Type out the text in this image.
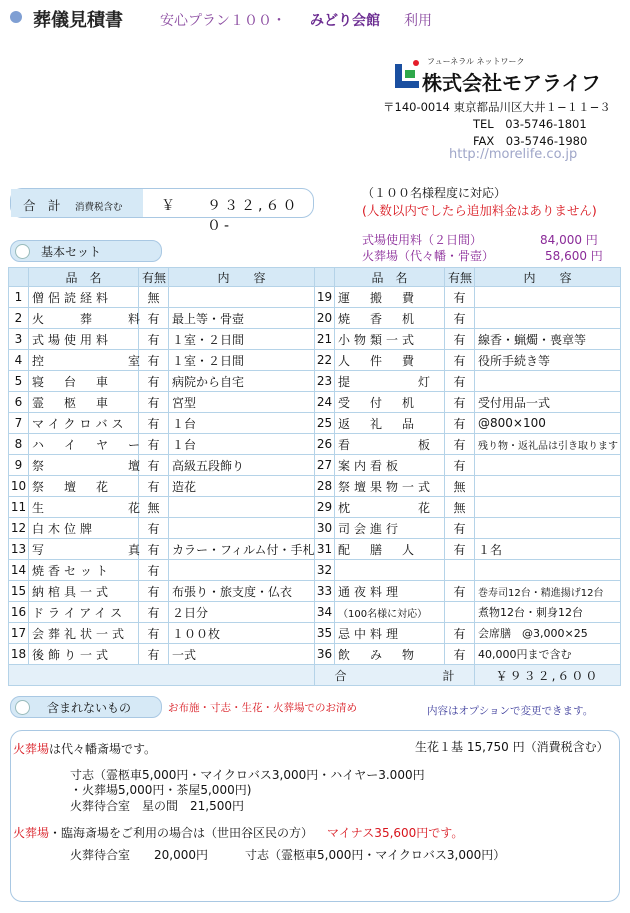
葬儀見積書	安心プラン１００・ みどり会館 利用
フューネラル ネットワーク
株式会社モアライフ
〒140-0014 東京都品川区大井１−１１−３
TEL　03-5746-1801
FAX　03-5746-1980
http://morelife.co.jp
合　計 消費税含む	￥ ９３２,６００-
（１００名様程度に対応）
(人数以内でしたら追加料金はありません)
基本セット
式場使用料（２日間）	84,000 円
火葬場（代々幡・骨壺）	58,600 円
	品　名	有無	内　　容		品　名	有無	内　　容
1	僧侶読経料	無		19	運　搬　費	有	
2	火　　葬　　料	有	最上等・骨壺	20	焼　香　机	有	
3	式場使用料	有	１室・２日間	21	小物類一式	有	線香・蝋燭・喪章等
4	控　　　　　室	有	１室・２日間	22	人　件　費	有	役所手続き等
5	寝　台　車	有	病院から自宅	23	提　　　　灯	有	
6	霊　柩　車	有	宮型	24	受　付　机	有	受付用品一式
7	マイクロバス	有	１台	25	返　礼　品	有	@800×100
8	ハ　イ　ヤ　ー	有	１台	26	看　　　　板	有	残り物・返礼品は引き取ります
9	祭　　　　　壇	有	高級五段飾り	27	案内看板	有	
10	祭　壇　花	有	造花	28	祭壇果物一式	無	
11	生　　　　　花	無		29	枕　　　　花	無	
12	白木位牌	有		30	司会進行	有	
13	写　　　　　真	有	カラー・フィルム付・手札	31	配　膳　人	有	１名
14	焼香セット	有		32			
15	納棺具一式	有	布張り・旅支度・仏衣	33	通夜料理	有	巻寿司12台・精進揚げ12台
16	ドライアイス	有	２日分	34	（100名様に対応）		煮物12台・刺身12台
17	会葬礼状一式	有	１００枚	35	忌中料理	有	会席膳　@3,000×25
18	後飾り一式	有	一式	36	飲　み　物	有	40,000円まで含む
				合　　　　　　　　計			￥９３２,６００
含まれないもの	お布施・寸志・生花・火葬場でのお清め	内容はオプションで変更できます。
火葬場は代々幡斎場です。	生花１基 15,750 円（消費税含む）
寸志（霊柩車5,000円・マイクロバス3,000円・ハイヤー3.000円
・火葬場5,000円・茶屋5,000円)
火葬待合室　星の間　21,500円
火葬場・臨海斎場をご利用の場合は（世田谷区民の方） マイナス35,600円です。
火葬待合室　　20,000円	寸志（霊柩車5,000円・マイクロバス3,000円）
